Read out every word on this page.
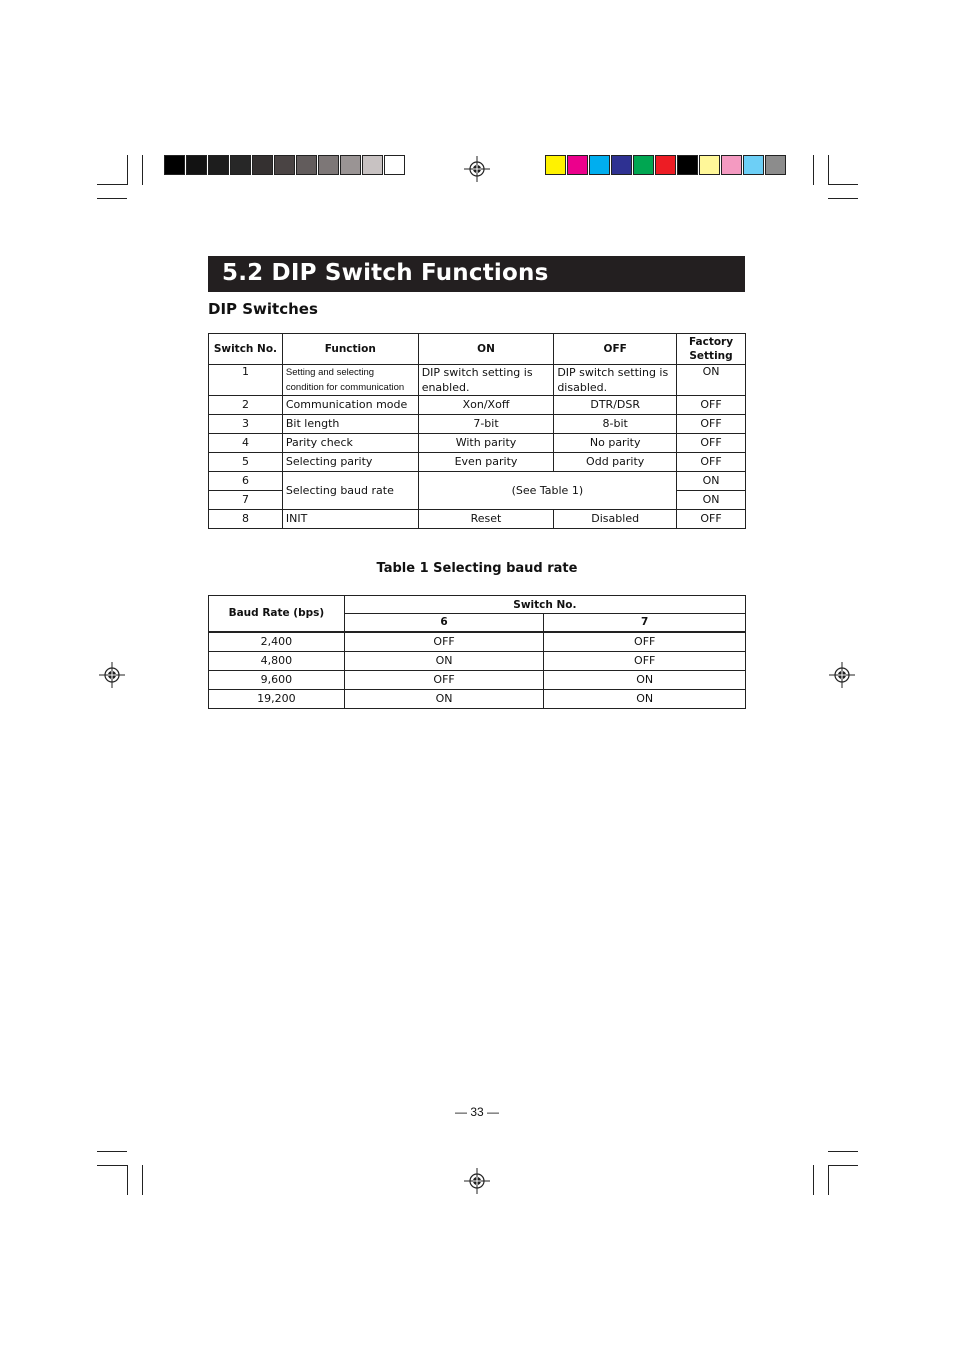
5.2 DIP Switch Functions
DIP Switches
Switch No.	Function	ON	OFF	Factory Setting
1	Setting and selecting condition for communication	DIP switch setting is enabled.	DIP switch setting is disabled.	ON
2	Communication mode	Xon/Xoff	DTR/DSR	OFF
3	Bit length	7-bit	8-bit	OFF
4	Parity check	With parity	No parity	OFF
5	Selecting parity	Even parity	Odd parity	OFF
6	Selecting baud rate	(See Table 1)		ON
7				ON
8	INIT	Reset	Disabled	OFF
Table 1 Selecting baud rate
Baud Rate (bps)	Switch No.	
	6	7
2,400	OFF	OFF
4,800	ON	OFF
9,600	OFF	ON
19,200	ON	ON
— 33 —
